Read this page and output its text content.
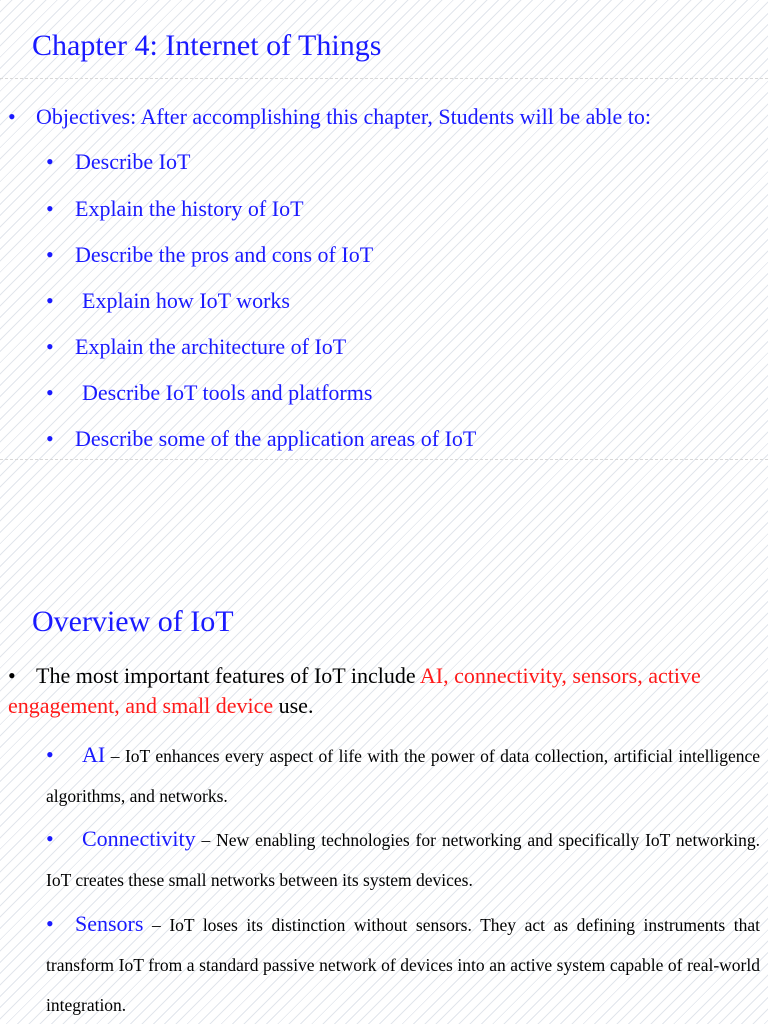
Chapter 4: Internet of Things
• Objectives: After accomplishing this chapter, Students will be able to:
• Describe IoT
• Explain the history of IoT
• Describe the pros and cons of IoT
• Explain how IoT works
• Explain the architecture of IoT
• Describe IoT tools and platforms
• Describe some of the application areas of IoT
Overview of IoT
• The most important features of IoT include AI, connectivity, sensors, active engagement, and small device use.
• AI – IoT enhances every aspect of life with the power of data collection, artificial intelligence algorithms, and networks.
• Connectivity – New enabling technologies for networking and specifically IoT networking. IoT creates these small networks between its system devices.
• Sensors – IoT loses its distinction without sensors. They act as defining instruments that transform IoT from a standard passive network of devices into an active system capable of real-world integration.
